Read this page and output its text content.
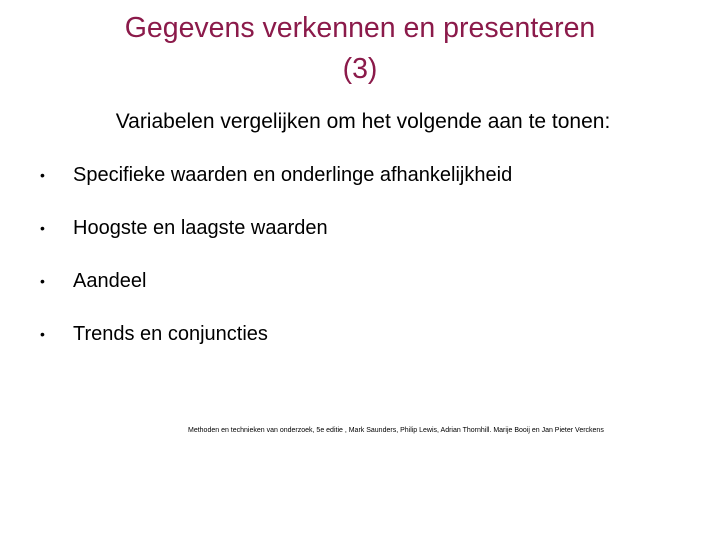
Gegevens verkennen en presenteren
(3)

Variabelen vergelijken om het volgende aan te tonen:

•	Specifieke waarden en onderlinge afhankelijkheid
•	Hoogste en laagste waarden
•	Aandeel
•	Trends en conjuncties

Methoden en technieken van onderzoek, 5e editie , Mark Saunders, Philip Lewis, Adrian Thornhill. Marije Booij en Jan Pieter Verckens
